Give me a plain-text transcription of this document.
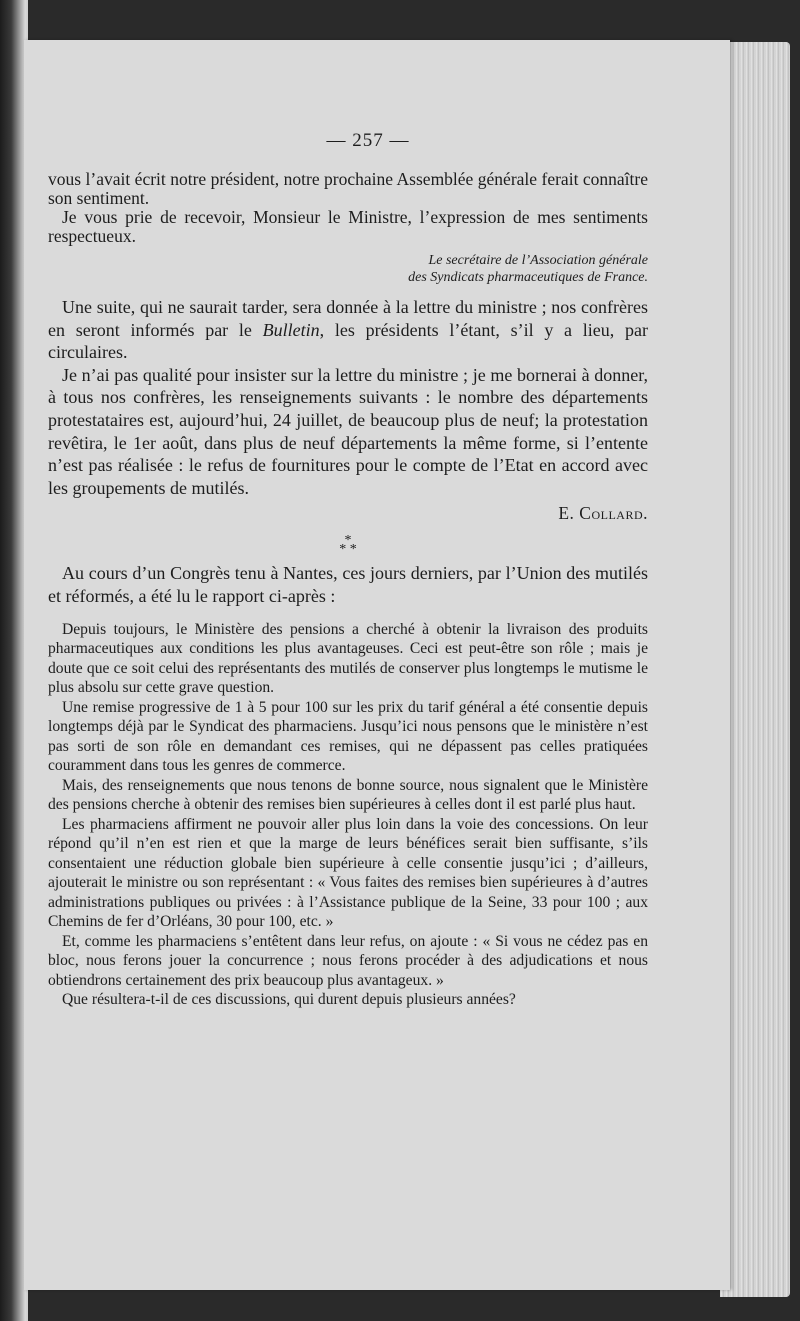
— 257 —

vous l’avait écrit notre président, notre prochaine Assemblée générale ferait connaître son sentiment.

Je vous prie de recevoir, Monsieur le Ministre, l’expression de mes sentiments respectueux.

Le secrétaire de l’Association générale
des Syndicats pharmaceutiques de France.

Une suite, qui ne saurait tarder, sera donnée à la lettre du ministre ; nos confrères en seront informés par le Bulletin, les présidents l’étant, s’il y a lieu, par circulaires.

Je n’ai pas qualité pour insister sur la lettre du ministre ; je me bornerai à donner, à tous nos confrères, les renseignements suivants : le nombre des départements protestataires est, aujourd’hui, 24 juillet, de beaucoup plus de neuf; la protestation revêtira, le 1er août, dans plus de neuf départements la même forme, si l’entente n’est pas réalisée : le refus de fournitures pour le compte de l’Etat en accord avec les groupements de mutilés.

E. Collard.
*
* *

Au cours d’un Congrès tenu à Nantes, ces jours derniers, par l’Union des mutilés et réformés, a été lu le rapport ci-après :

Depuis toujours, le Ministère des pensions a cherché à obtenir la livraison des produits pharmaceutiques aux conditions les plus avantageuses. Ceci est peut-être son rôle ; mais je doute que ce soit celui des représentants des mutilés de conserver plus longtemps le mutisme le plus absolu sur cette grave question.

Une remise progressive de 1 à 5 pour 100 sur les prix du tarif général a été consentie depuis longtemps déjà par le Syndicat des pharmaciens. Jusqu’ici nous pensons que le ministère n’est pas sorti de son rôle en demandant ces remises, qui ne dépassent pas celles pratiquées couramment dans tous les genres de commerce.

Mais, des renseignements que nous tenons de bonne source, nous signalent que le Ministère des pensions cherche à obtenir des remises bien supérieures à celles dont il est parlé plus haut.

Les pharmaciens affirment ne pouvoir aller plus loin dans la voie des concessions. On leur répond qu’il n’en est rien et que la marge de leurs bénéfices serait bien suffisante, s’ils consentaient une réduction globale bien supérieure à celle consentie jusqu’ici ; d’ailleurs, ajouterait le ministre ou son représentant : « Vous faites des remises bien supérieures à d’autres administrations publiques ou privées : à l’Assistance publique de la Seine, 33 pour 100 ; aux Chemins de fer d’Orléans, 30 pour 100, etc. »

Et, comme les pharmaciens s’entêtent dans leur refus, on ajoute : « Si vous ne cédez pas en bloc, nous ferons jouer la concurrence ; nous ferons procéder à des adjudications et nous obtiendrons certainement des prix beaucoup plus avantageux. »

Que résultera-t-il de ces discussions, qui durent depuis plusieurs années?
